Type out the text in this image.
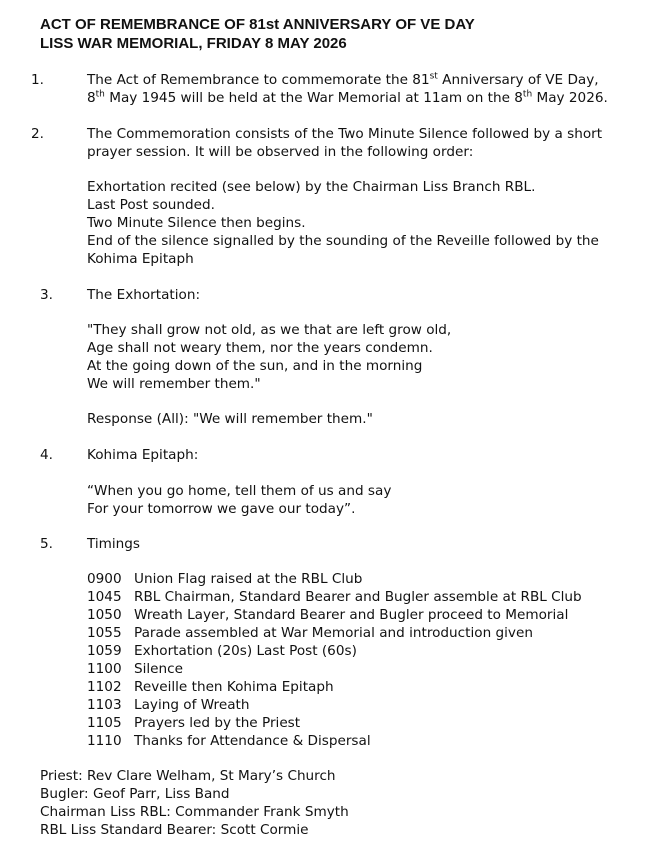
ACT OF REMEMBRANCE OF 81st ANNIVERSARY OF VE DAY
LISS WAR MEMORIAL, FRIDAY 8 MAY 2026
1.	The Act of Remembrance to commemorate the 81st Anniversary of VE Day,
8th May 1945 will be held at the War Memorial at 11am on the 8th May 2026.
2.	The Commemoration consists of the Two Minute Silence followed by a short
prayer session. It will be observed in the following order:
Exhortation recited (see below) by the Chairman Liss Branch RBL.
Last Post sounded.
Two Minute Silence then begins.
End of the silence signalled by the sounding of the Reveille followed by the
Kohima Epitaph
3.	The Exhortation:
"They shall grow not old, as we that are left grow old,
Age shall not weary them, nor the years condemn.
At the going down of the sun, and in the morning
We will remember them."
Response (All): "We will remember them."
4.	Kohima Epitaph:
“When you go home, tell them of us and say
For your tomorrow we gave our today”.
5.	Timings
0900 Union Flag raised at the RBL Club
1045 RBL Chairman, Standard Bearer and Bugler assemble at RBL Club
1050 Wreath Layer, Standard Bearer and Bugler proceed to Memorial
1055 Parade assembled at War Memorial and introduction given
1059 Exhortation (20s) Last Post (60s)
1100 Silence
1102 Reveille then Kohima Epitaph
1103 Laying of Wreath
1105 Prayers led by the Priest
1110 Thanks for Attendance & Dispersal
Priest: Rev Clare Welham, St Mary’s Church
Bugler: Geof Parr, Liss Band
Chairman Liss RBL: Commander Frank Smyth
RBL Liss Standard Bearer: Scott Cormie
